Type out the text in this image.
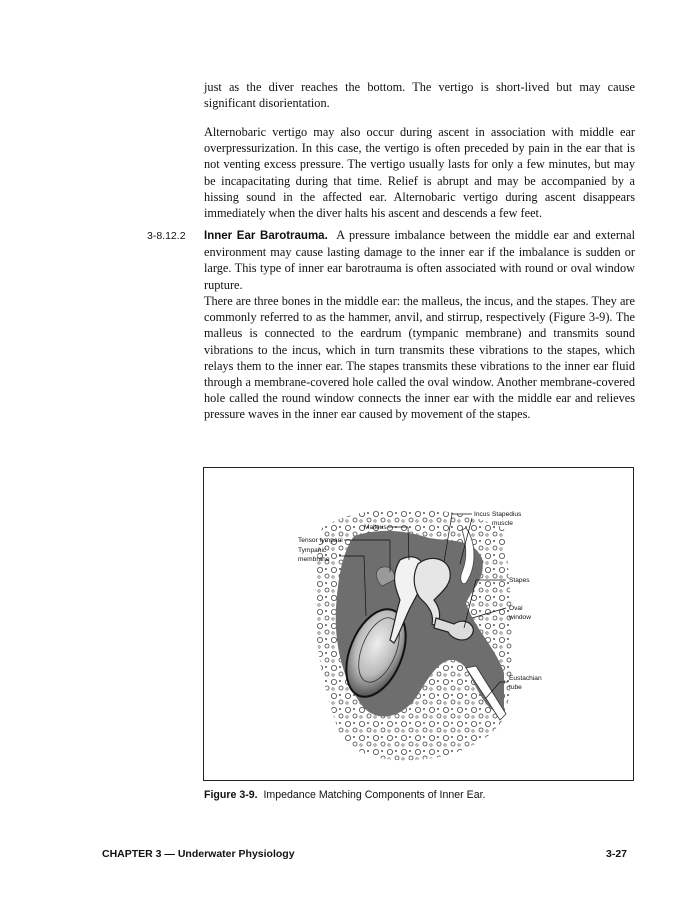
just as the diver reaches the bottom. The vertigo is short-lived but may cause significant disorientation.

Alternobaric vertigo may also occur during ascent in association with middle ear overpressurization. In this case, the vertigo is often preceded by pain in the ear that is not venting excess pressure. The vertigo usually lasts for only a few minutes, but may be incapacitating during that time. Relief is abrupt and may be accompanied by a hissing sound in the affected ear. Alternobaric vertigo during ascent disappears immediately when the diver halts his ascent and descends a few feet.

3-8.12.2 Inner Ear Barotrauma. A pressure imbalance between the middle ear and external environment may cause lasting damage to the inner ear if the imbalance is sudden or large. This type of inner ear barotrauma is often associated with round or oval window rupture.

There are three bones in the middle ear: the malleus, the incus, and the stapes. They are commonly referred to as the hammer, anvil, and stirrup, respectively (Figure 3-9). The malleus is connected to the eardrum (tympanic membrane) and transmits sound vibrations to the incus, which in turn transmits these vibrations to the stapes, which relays them to the inner ear. The stapes transmits these vibrations to the inner ear fluid through a membrane-covered hole called the oval window. Another membrane-covered hole called the round window connects the inner ear with the middle ear and relieves pressure waves in the inner ear caused by movement of the stapes.

Incus Stapedius
muscle
Malleus
Tensor tympani
Tympanic
membrane
Stapes
Oval
window
Eustachian
tube
Figure 3-9. Impedance Matching Components of Inner Ear.
CHAPTER 3 — Underwater Physiology	3-27
